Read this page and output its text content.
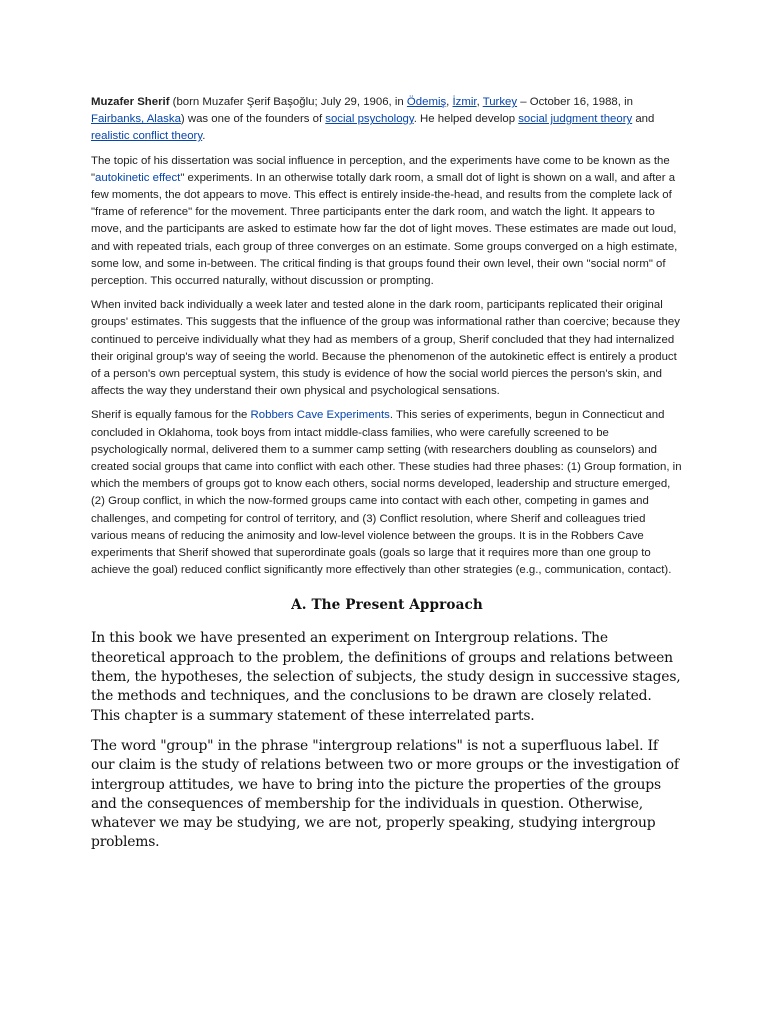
Muzafer Sherif (born Muzafer Şerif Başoğlu; July 29, 1906, in Ödemiş, İzmir, Turkey – October 16, 1988, in Fairbanks, Alaska) was one of the founders of social psychology. He helped develop social judgment theory and realistic conflict theory.

The topic of his dissertation was social influence in perception, and the experiments have come to be known as the "autokinetic effect" experiments. In an otherwise totally dark room, a small dot of light is shown on a wall, and after a few moments, the dot appears to move. This effect is entirely inside-the-head, and results from the complete lack of "frame of reference" for the movement. Three participants enter the dark room, and watch the light. It appears to move, and the participants are asked to estimate how far the dot of light moves. These estimates are made out loud, and with repeated trials, each group of three converges on an estimate. Some groups converged on a high estimate, some low, and some in-between. The critical finding is that groups found their own level, their own "social norm" of perception. This occurred naturally, without discussion or prompting.

When invited back individually a week later and tested alone in the dark room, participants replicated their original groups' estimates. This suggests that the influence of the group was informational rather than coercive; because they continued to perceive individually what they had as members of a group, Sherif concluded that they had internalized their original group's way of seeing the world. Because the phenomenon of the autokinetic effect is entirely a product of a person's own perceptual system, this study is evidence of how the social world pierces the person's skin, and affects the way they understand their own physical and psychological sensations.

Sherif is equally famous for the Robbers Cave Experiments. This series of experiments, begun in Connecticut and concluded in Oklahoma, took boys from intact middle-class families, who were carefully screened to be psychologically normal, delivered them to a summer camp setting (with researchers doubling as counselors) and created social groups that came into conflict with each other. These studies had three phases: (1) Group formation, in which the members of groups got to know each others, social norms developed, leadership and structure emerged, (2) Group conflict, in which the now-formed groups came into contact with each other, competing in games and challenges, and competing for control of territory, and (3) Conflict resolution, where Sherif and colleagues tried various means of reducing the animosity and low-level violence between the groups. It is in the Robbers Cave experiments that Sherif showed that superordinate goals (goals so large that it requires more than one group to achieve the goal) reduced conflict significantly more effectively than other strategies (e.g., communication, contact).

A. The Present Approach

In this book we have presented an experiment on Intergroup relations. The theoretical approach to the problem, the definitions of groups and relations between them, the hypotheses, the selection of subjects, the study design in successive stages, the methods and techniques, and the conclusions to be drawn are closely related. This chapter is a summary statement of these interrelated parts.

The word "group" in the phrase "intergroup relations" is not a superfluous label. If our claim is the study of relations between two or more groups or the investigation of intergroup attitudes, we have to bring into the picture the properties of the groups and the consequences of membership for the individuals in question. Otherwise, whatever we may be studying, we are not, properly speaking, studying intergroup problems.
